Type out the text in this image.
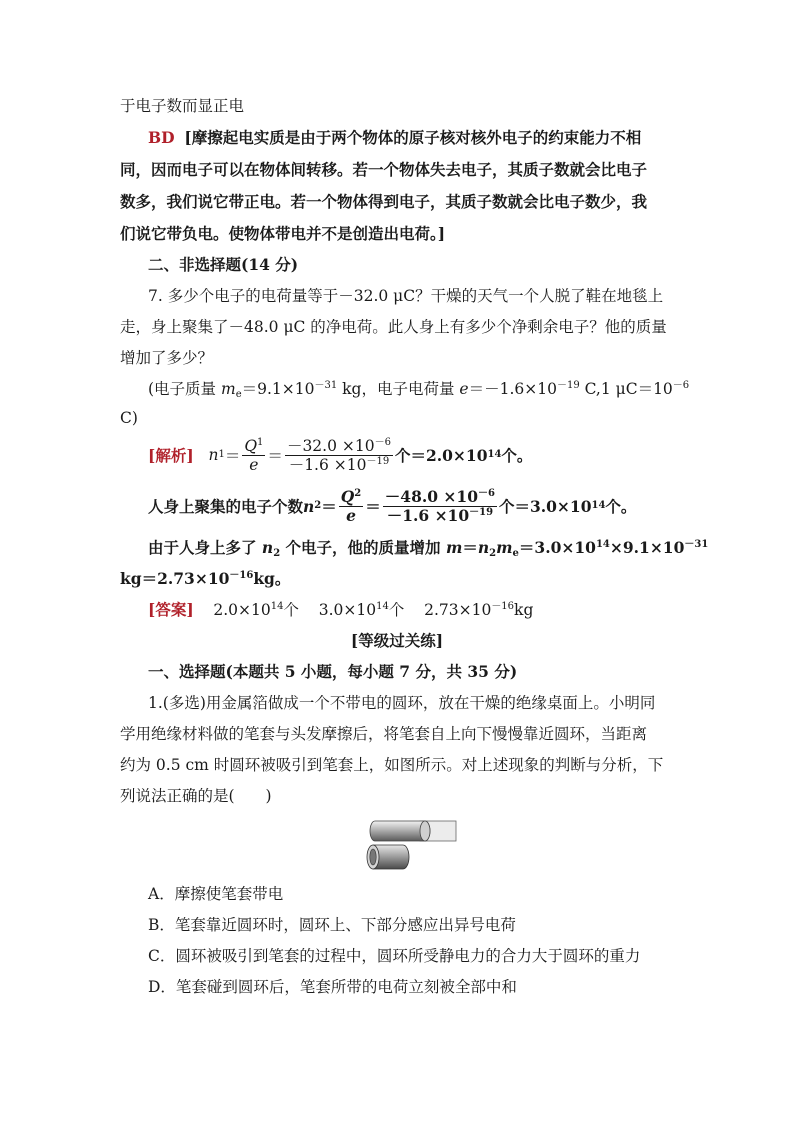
于电子数而显正电
BD [摩擦起电实质是由于两个物体的原子核对核外电子的约束能力不相
同，因而电子可以在物体间转移。若一个物体失去电子，其质子数就会比电子
数多，我们说它带正电。若一个物体得到电子，其质子数就会比电子数少，我
们说它带负电。使物体带电并不是创造出电荷。]
二、非选择题(14 分)
7. 多少个电子的电荷量等于－32.0 μC？干燥的天气一个人脱了鞋在地毯上
走，身上聚集了－48.0 μC 的净电荷。此人身上有多少个净剩余电子？他的质量
增加了多少？
(电子质量 $m_e=9.1\times 10^{-31}$ kg，电子电荷量 $e=-1.6\times 10^{-19}$ C,1 $\mu C=10^{-6}$
C)
[解析]
n $1 = \frac{Q^1}{e} = \frac{-32.0 \times 10^{-6}}{-1.6 \times 10^{-19}}$ 个＝2.0×10 14 个。
人身上聚集的电子个数 n $2 = \frac{Q^2}{e} = \frac{-48.0 \times 10^{-6}}{-1.6 \times 10^{-19}}$ 个＝3.0×10 14 个。
由于人身上多了 $n_2$ 个电子，他的质量增加 $m=n_2m_e=3.0\times 10^{14}\times 9.1\times 10^{-31}$
$kg=2.73\times 10^{-16}kg$。
[答案] $2.0\times 10^{14}$个 $3.0\times 10^{14}$个 $2.73\times 10^{-16}kg$
[等级过关练]
一、选择题(本题共 5 小题，每小题 7 分，共 35 分)
1.(多选)用金属箔做成一个不带电的圆环，放在干燥的绝缘桌面上。小明同
学用绝缘材料做的笔套与头发摩擦后，将笔套自上向下慢慢靠近圆环，当距离
约为 0.5 cm 时圆环被吸引到笔套上，如图所示。对上述现象的判断与分析，下
列说法正确的是(　　)
A．摩擦使笔套带电
B．笔套靠近圆环时，圆环上、下部分感应出异号电荷
C．圆环被吸引到笔套的过程中，圆环所受静电力的合力大于圆环的重力
D．笔套碰到圆环后，笔套所带的电荷立刻被全部中和
